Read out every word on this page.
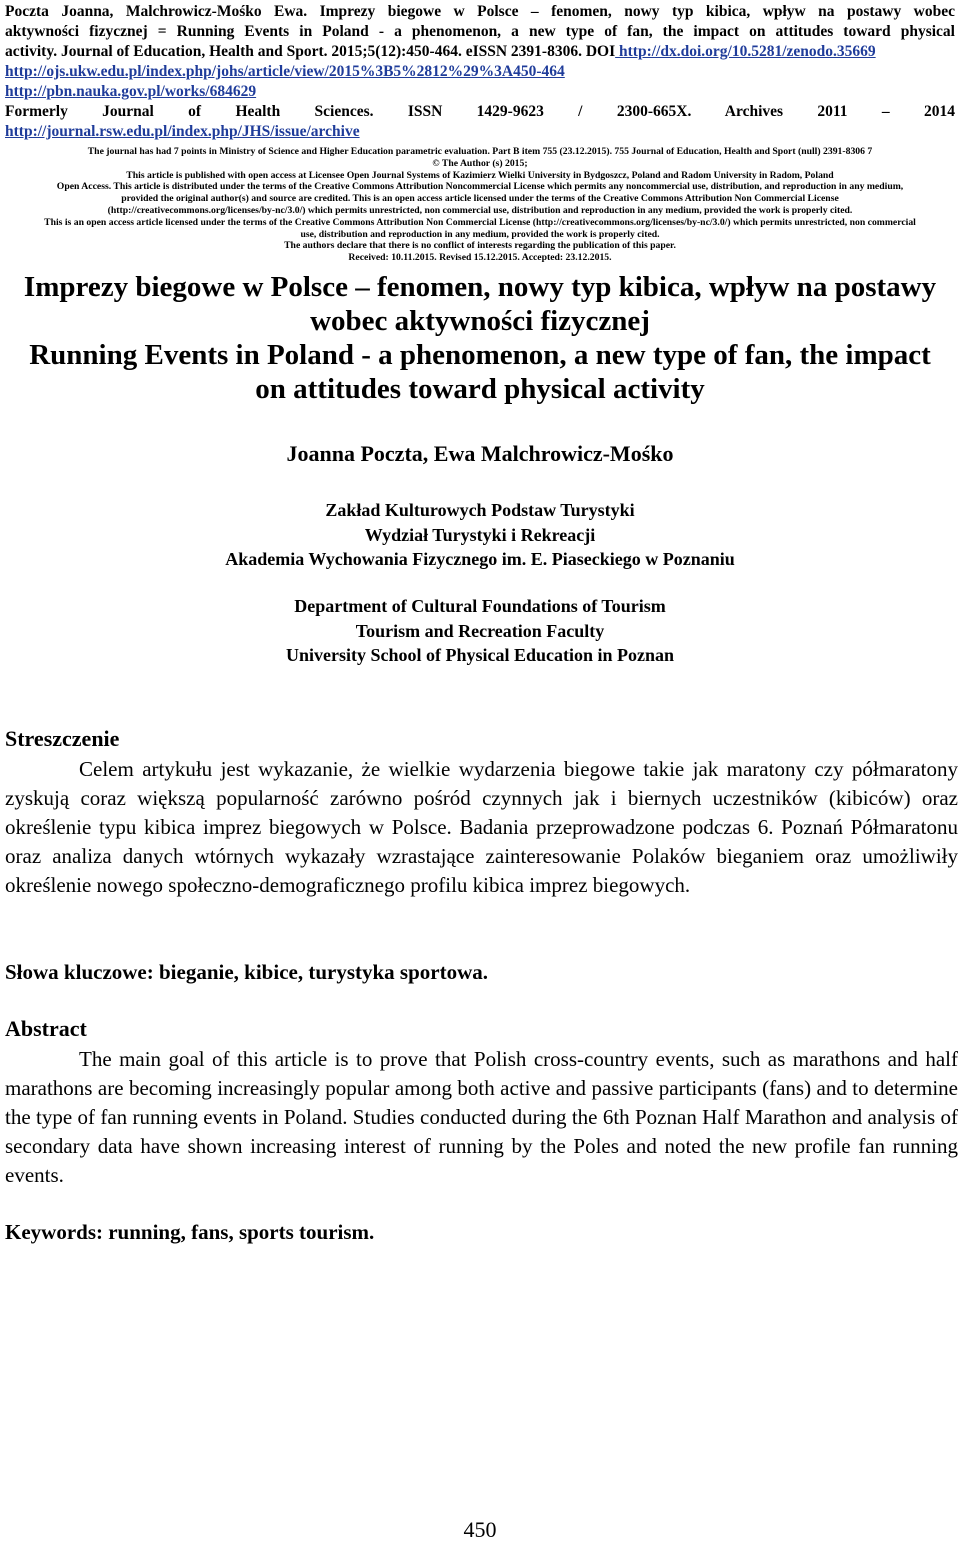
Poczta Joanna, Malchrowicz-Mośko Ewa. Imprezy biegowe w Polsce – fenomen, nowy typ kibica, wpływ na postawy wobec
aktywności fizycznej = Running Events in Poland - a phenomenon, a new type of fan, the impact on attitudes toward physical
activity. Journal of Education, Health and Sport. 2015;5(12):450-464. eISSN 2391-8306. DOI http://dx.doi.org/10.5281/zenodo.35669
http://ojs.ukw.edu.pl/index.php/johs/article/view/2015%3B5%2812%29%3A450-464
http://pbn.nauka.gov.pl/works/684629
Formerly Journal of Health Sciences. ISSN 1429-9623 / 2300-665X. Archives 2011 – 2014
http://journal.rsw.edu.pl/index.php/JHS/issue/archive
The journal has had 7 points in Ministry of Science and Higher Education parametric evaluation. Part B item 755 (23.12.2015). 755 Journal of Education, Health and Sport (null) 2391-8306 7
© The Author (s) 2015;
This article is published with open access at Licensee Open Journal Systems of Kazimierz Wielki University in Bydgoszcz, Poland and Radom University in Radom, Poland
Open Access. This article is distributed under the terms of the Creative Commons Attribution Noncommercial License which permits any noncommercial use, distribution, and reproduction in any medium,
provided the original author(s) and source are credited. This is an open access article licensed under the terms of the Creative Commons Attribution Non Commercial License
(http://creativecommons.org/licenses/by-nc/3.0/) which permits unrestricted, non commercial use, distribution and reproduction in any medium, provided the work is properly cited.
This is an open access article licensed under the terms of the Creative Commons Attribution Non Commercial License (http://creativecommons.org/licenses/by-nc/3.0/) which permits unrestricted, non commercial
use, distribution and reproduction in any medium, provided the work is properly cited.
The authors declare that there is no conflict of interests regarding the publication of this paper.
Received: 10.11.2015. Revised 15.12.2015. Accepted: 23.12.2015.
Imprezy biegowe w Polsce – fenomen, nowy typ kibica, wpływ na postawy
wobec aktywności fizycznej
Running Events in Poland - a phenomenon, a new type of fan, the impact
on attitudes toward physical activity
Joanna Poczta, Ewa Malchrowicz-Mośko
Zakład Kulturowych Podstaw Turystyki
Wydział Turystyki i Rekreacji
Akademia Wychowania Fizycznego im. E. Piaseckiego w Poznaniu
Department of Cultural Foundations of Tourism
Tourism and Recreation Faculty
University School of Physical Education in Poznan
Streszczenie
Celem artykułu jest wykazanie, że wielkie wydarzenia biegowe takie jak maratony czy półmaratony zyskują coraz większą popularność zarówno pośród czynnych jak i biernych uczestników (kibiców) oraz określenie typu kibica imprez biegowych w Polsce. Badania przeprowadzone podczas 6. Poznań Półmaratonu oraz analiza danych wtórnych wykazały wzrastające zainteresowanie Polaków bieganiem oraz umożliwiły określenie nowego społeczno-demograficznego profilu kibica imprez biegowych.
Słowa kluczowe: bieganie, kibice, turystyka sportowa.
Abstract
The main goal of this article is to prove that Polish cross-country events, such as marathons and half marathons are becoming increasingly popular among both active and passive participants (fans) and to determine the type of fan running events in Poland. Studies conducted during the 6th Poznan Half Marathon and analysis of secondary data have shown increasing interest of running by the Poles and noted the new profile fan running events.
Keywords: running, fans, sports tourism.
450
